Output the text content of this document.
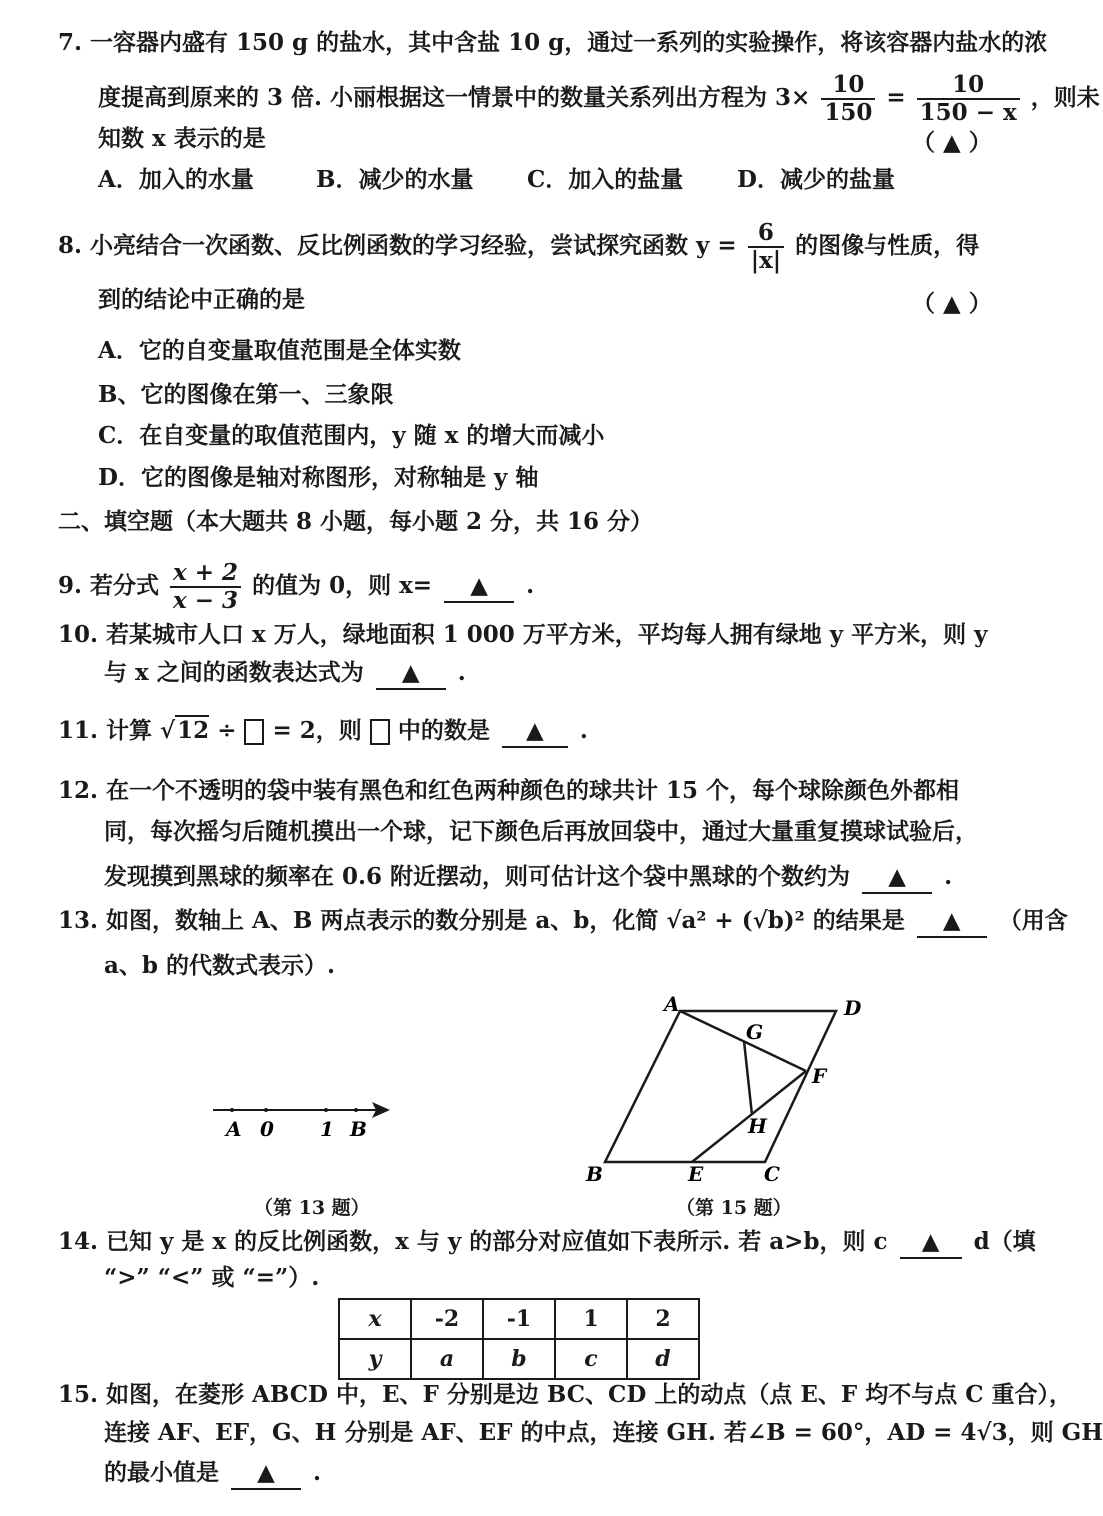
7. 一容器内盛有 150 g 的盐水，其中含盐 10 g，通过一系列的实验操作，将该容器内盐水的浓
度提高到原来的 3 倍. 小丽根据这一情景中的数量关系列出方程为 $3\times \frac{10}{150} = \frac{10}{150 - x}$ ，则未
知数 x 表示的是	（ ▲ ）
A．加入的水量	B．减少的水量 C．加入的盐量 D．减少的盐量
8. 小亮结合一次函数、反比例函数的学习经验，尝试探究函数 $y = \frac{6}{|x|}$ 的图像与性质，得
到的结论中正确的是	（ ▲ ）
A．它的自变量取值范围是全体实数
B、它的图像在第一、三象限
C．在自变量的取值范围内，y 随 x 的增大而减小
D．它的图像是轴对称图形，对称轴是 y 轴
二、填空题（本大题共 8 小题，每小题 2 分，共 16 分）
9. 若分式 $\frac{x + 2}{x - 3}$ 的值为 0，则 x= ▲ .
10. 若某城市人口 x 万人，绿地面积 1 000 万平方米，平均每人拥有绿地 y 平方米，则 y
与 x 之间的函数表达式为 ▲ .
11. 计算 √12 ÷  = 2，则 中的数是 ▲ .
12. 在一个不透明的袋中装有黑色和红色两种颜色的球共计 15 个，每个球除颜色外都相
同，每次摇匀后随机摸出一个球，记下颜色后再放回袋中，通过大量重复摸球试验后，
发现摸到黑球的频率在 0.6 附近摆动，则可估计这个袋中黑球的个数约为 ▲ .
13. 如图，数轴上 A、B 两点表示的数分别是 a、b，化简 √a² + (√b)² 的结果是 ▲ （用含
a、b 的代数式表示）.
A 0 1 B
（第 13 题）
A	D
G
F
H
B	E	C
（第 15 题）
14. 已知 y 是 x 的反比例函数，x 与 y 的部分对应值如下表所示. 若 a>b，则 c ▲ d（填
“>” “<” 或 “=”）.
x	-2	-1	1	2
y	a	b	c	d
15. 如图，在菱形 ABCD 中，E、F 分别是边 BC、CD 上的动点（点 E、F 均不与点 C 重合），
连接 AF、EF，G、H 分别是 AF、EF 的中点，连接 GH. 若∠B = 60°，AD = 4√3，则 GH
的最小值是 ▲ .
